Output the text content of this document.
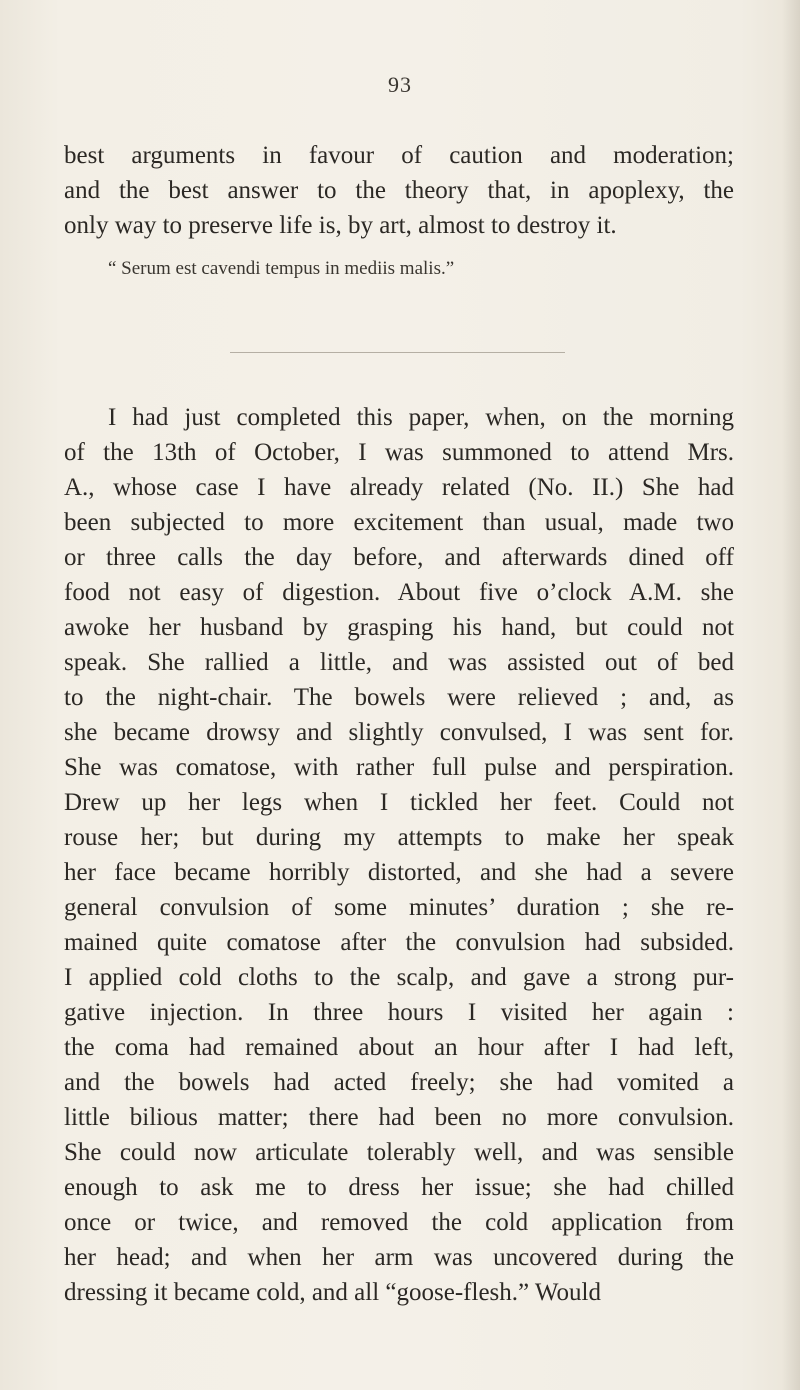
93
best arguments in favour of caution and moderation;
and the best answer to the theory that, in apoplexy, the
only way to preserve life is, by art, almost to destroy it.
“ Serum est cavendi tempus in mediis malis.”
I had just completed this paper, when, on the morning
of the 13th of October, I was summoned to attend Mrs.
A., whose case I have already related (No. II.) She had
been subjected to more excitement than usual, made two
or three calls the day before, and afterwards dined off
food not easy of digestion. About five o’clock A.M. she
awoke her husband by grasping his hand, but could not
speak. She rallied a little, and was assisted out of bed
to the night-chair. The bowels were relieved ; and, as
she became drowsy and slightly convulsed, I was sent for.
She was comatose, with rather full pulse and perspiration.
Drew up her legs when I tickled her feet. Could not
rouse her; but during my attempts to make her speak
her face became horribly distorted, and she had a severe
general convulsion of some minutes’ duration ; she re-
mained quite comatose after the convulsion had subsided.
I applied cold cloths to the scalp, and gave a strong pur-
gative injection. In three hours I visited her again :
the coma had remained about an hour after I had left,
and the bowels had acted freely; she had vomited a
little bilious matter; there had been no more convulsion.
She could now articulate tolerably well, and was sensible
enough to ask me to dress her issue; she had chilled
once or twice, and removed the cold application from
her head; and when her arm was uncovered during the
dressing it became cold, and all “goose-flesh.” Would
